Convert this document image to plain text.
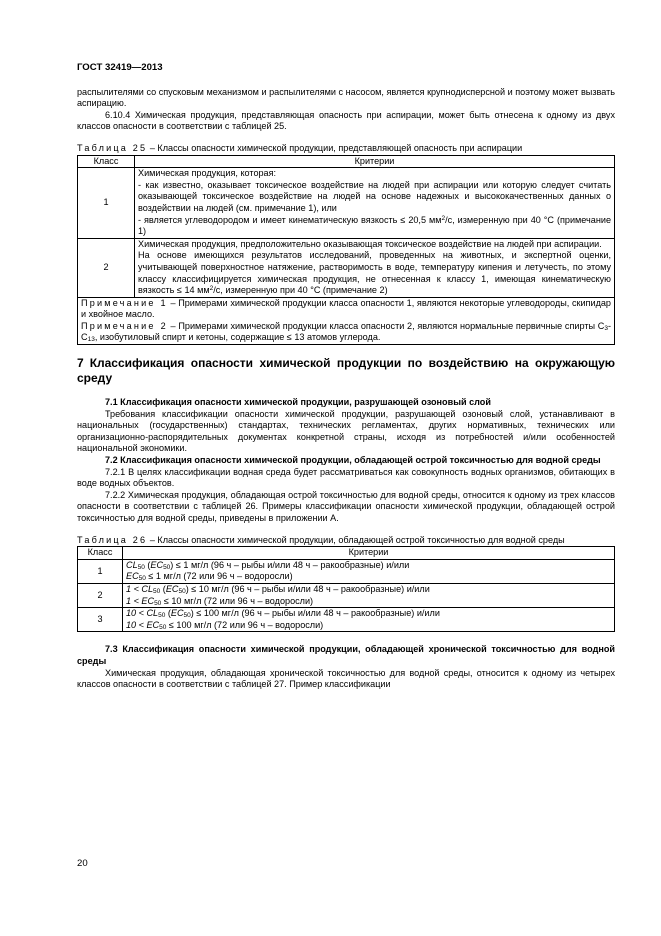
ГОСТ 32419—2013

распылителями со спусковым механизмом и распылителями с насосом, является крупнодисперсной и поэтому может вызвать аспирацию.

6.10.4 Химическая продукция, представляющая опасность при аспирации, может быть отнесена к одному из двух классов опасности в соответствии с таблицей 25.

Таблица 25 – Классы опасности химической продукции, представляющей опасность при аспирации

Класс	Критерии
1	Химическая продукция, которая:

- как известно, оказывает токсическое воздействие на людей при аспирации или которую следует считать оказывающей токсическое воздействие на людей на основе надежных и высококачественных данных о воздействии на людей (см. примечание 1), или

- является углеводородом и имеет кинематическую вязкость ≤ 20,5 $мм^2/с$, измеренную при 40 °С (примечание 1)

2	Химическая продукция, предположительно оказывающая токсическое воздействие на людей при аспирации.

На основе имеющихся результатов исследований, проведенных на животных, и экспертной оценки, учитывающей поверхностное натяжение, растворимость в воде, температуру кипения и летучесть, по этому классу классифицируется химическая продукция, не отнесенная к классу 1, имеющая кинематическую вязкость ≤ 14 $мм^2/с$, измеренную при 40 °С (примечание 2)

Примечание 1 – Примерами химической продукции класса опасности 1, являются некоторые углеводороды, скипидар и хвойное масло.

Примечание 2 – Примерами химической продукции класса опасности 2, являются нормальные первичные спирты $С_3-С_{13}$, изобутиловый спирт и кетоны, содержащие ≤ 13 атомов углерода.	

7 Классификация опасности химической продукции по воздействию на окружающую среду

7.1 Классификация опасности химической продукции, разрушающей озоновый слой

Требования классификации опасности химической продукции, разрушающей озоновый слой, устанавливают в национальных (государственных) стандартах, технических регламентах, других нормативных, технических или организационно-распорядительных документах конкретной страны, исходя из потребностей и/или особенностей национальной экономики.

7.2 Классификация опасности химической продукции, обладающей острой токсичностью для водной среды

7.2.1 В целях классификации водная среда будет рассматриваться как совокупность водных организмов, обитающих в воде водных объектов.

7.2.2 Химическая продукция, обладающая острой токсичностью для водной среды, относится к одному из трех классов опасности в соответствии с таблицей 26. Примеры классификации опасности химической продукции, обладающей острой токсичностью для водной среды, приведены в приложении А.

Таблица 26 – Классы опасности химической продукции, обладающей острой токсичностью для водной среды

Класс	Критерии
1	$CL_{50}$ $(EC_{50}) \le 1$ мг/л (96 ч – рыбы и/или 48 ч – ракообразные) и/или
$EC_{50} \le 1$ мг/л (72 или 96 ч – водоросли)

2	$1 < CL_{50}$ $(EC_{50}) \le 10$ мг/л (96 ч – рыбы и/или 48 ч – ракообразные) и/или
$1 < EC_{50} \le 10$ мг/л (72 или 96 ч – водоросли)

3	$10 < CL_{50}$ $(EC_{50}) \le 100$ мг/л (96 ч – рыбы и/или 48 ч – ракообразные) и/или
$10 < EC_{50} \le 100$ мг/л (72 или 96 ч – водоросли)

7.3 Классификация опасности химической продукции, обладающей хронической токсичностью для водной среды

Химическая продукция, обладающая хронической токсичностью для водной среды, относится к одному из четырех классов опасности в соответствии с таблицей 27. Пример классификации

20
